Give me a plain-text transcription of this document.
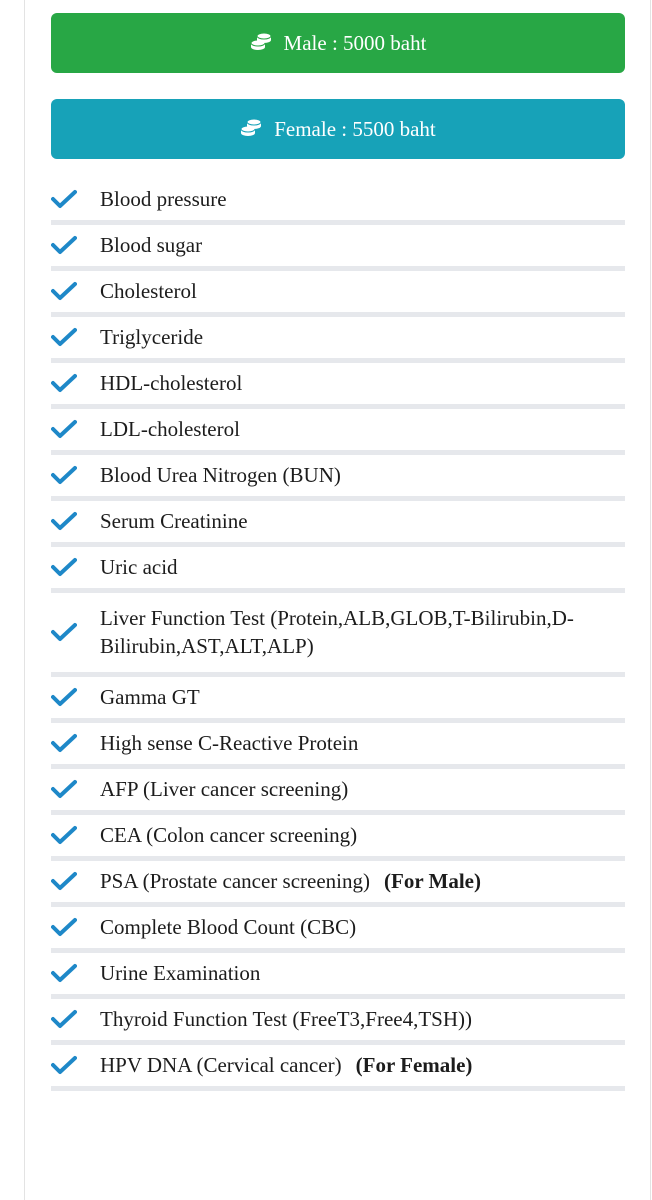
Male : 5000 baht
Female : 5500 baht
Blood pressure
Blood sugar
Cholesterol
Triglyceride
HDL-cholesterol
LDL-cholesterol
Blood Urea Nitrogen (BUN)
Serum Creatinine
Uric acid
Liver Function Test (Protein,ALB,GLOB,T-Bilirubin,D-Bilirubin,AST,ALT,ALP)
Gamma GT
High sense C-Reactive Protein
AFP (Liver cancer screening)
CEA (Colon cancer screening)
PSA (Prostate cancer screening) (For Male)
Complete Blood Count (CBC)
Urine Examination
Thyroid Function Test (FreeT3,Free4,TSH))
HPV DNA (Cervical cancer) (For Female)
